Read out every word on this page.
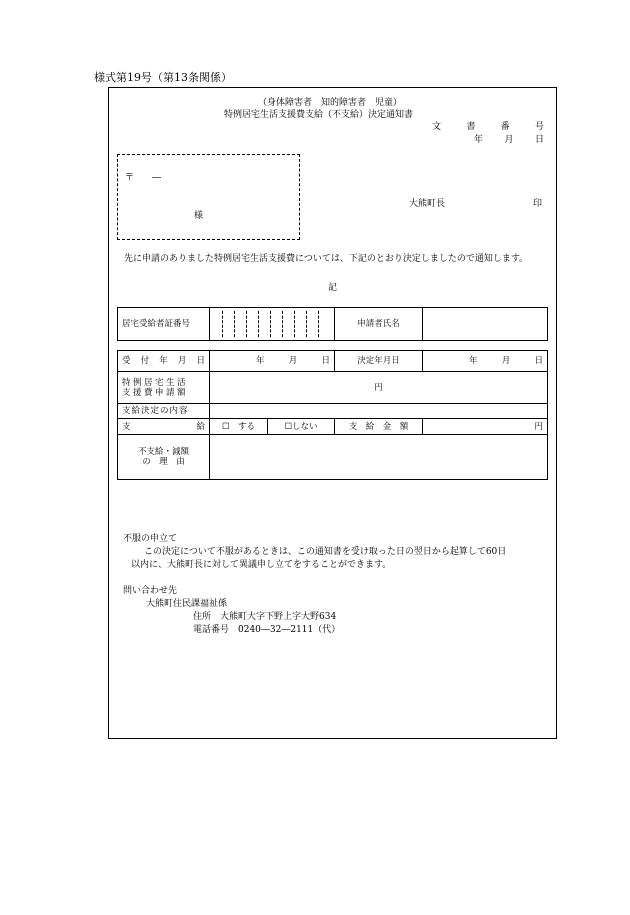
様式第19号（第13条関係）
（身体障害者　知的障害者　児童）
特例居宅生活支援費支給（不支給）決定通知書
文	書	番	号
年 月 日
〒　　―
様
大熊町長	印
先に申請のありました特例居宅生活支援費については、下記のとおり決定しましたので通知します。
記
居宅受給者証番号		申請者氏名	
受 付 年 月 日	年 月 日		決定年月日	年 月 日

特例居宅生活
支援費申請額	円			
支給決定の内容				

支 給	☐　する	☐しない	支　給　金　額	円

不支給・減額
の　理　由				

不服の申立て
この決定について不服があるときは、この通知書を受け取った日の翌日から起算して60日
以内に、大熊町長に対して異議申し立てをすることができます。
問い合わせ先
大熊町住民課福祉係
住所　大熊町大字下野上字大野634
電話番号　0240―32―2111（代）
